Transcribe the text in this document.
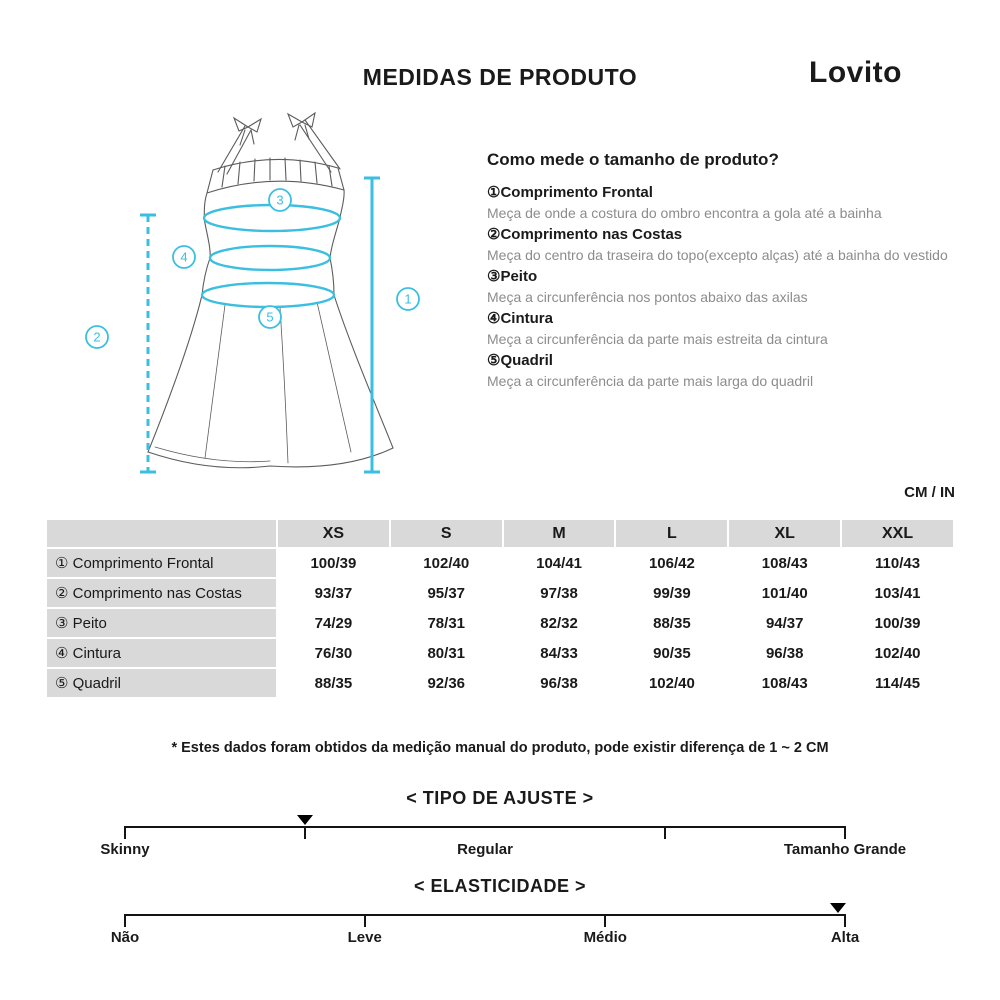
MEDIDAS DE PRODUTO	Lovito
1
2
3
4
5
Como mede o tamanho de produto?
①Comprimento Frontal
Meça de onde a costura do ombro encontra a gola até a bainha
②Comprimento nas Costas
Meça do centro da traseira do topo(excepto alças) até a bainha do vestido
③Peito
Meça a circunferência nos pontos abaixo das axilas
④Cintura
Meça a circunferência da parte mais estreita da cintura
⑤Quadril
Meça a circunferência da parte mais larga do quadril
CM / IN
	XS	S	M	L	XL	XXL
① Comprimento Frontal	100/39	102/40	104/41	106/42	108/43	110/43
② Comprimento nas Costas	93/37	95/37	97/38	99/39	101/40	103/41
③ Peito	74/29	78/31	82/32	88/35	94/37	100/39
④ Cintura	76/30	80/31	84/33	90/35	96/38	102/40
⑤ Quadril	88/35	92/36	96/38	102/40	108/43	114/45
* Estes dados foram obtidos da medição manual do produto, pode existir diferença de 1 ~ 2 CM
< TIPO DE AJUSTE >
Skinny	Regular	Tamanho Grande
< ELASTICIDADE >
Não	Leve	Médio	Alta
